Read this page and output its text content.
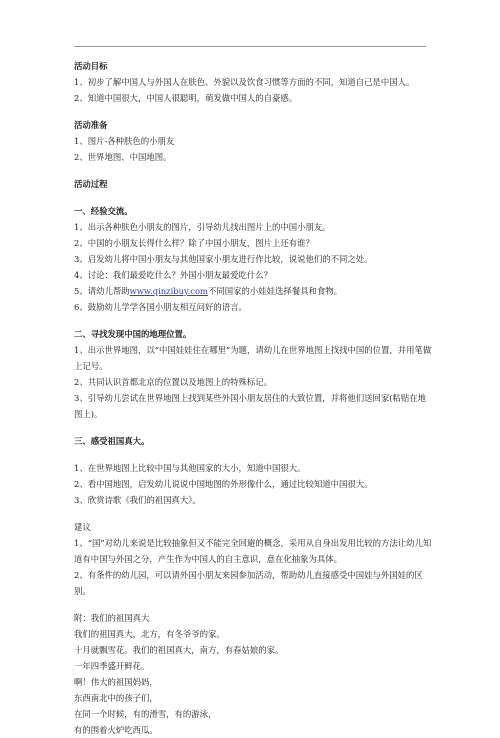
活动目标

1、初步了解中国人与外国人在肤色、外貌以及饮食习惯等方面的不同，知道自己是中国人。

2、知道中国很大，中国人很聪明，萌发做中国人的自豪感。

活动准备

1、图片-各种肤色的小朋友

2、世界地图、中国地图。

活动过程

一、经验交流。

1、出示各种肤色小朋友的图片，引导幼儿找出图片上的中国小朋友。

2、中国的小朋友长得什么样？除了中国小朋友，图片上还有谁？

3、启发幼儿将中国小朋友与其他国家小朋友进行作比较，说说他们的不同之处。

4、讨论：我们最爱吃什么？外国小朋友最爱吃什么？

5、请幼儿帮助www.qinzibuy.com不同国家的小娃娃选择餐具和食物。

6、鼓励幼儿学学各国小朋友相互问好的语言。

二、寻找发现中国的地理位置。

1、出示世界地图，以“中国娃娃住在哪里”为题，请幼儿在世界地图上找找中国的位置，并用笔做上记号。

2、共同认识首都北京的位置以及地图上的特殊标记。

3、引导幼儿尝试在世界地图上找到某些外国小朋友居住的大致位置，并将他们送回家(粘贴在地图上)。

三、感受祖国真大。

1、在世界地图上比较中国与其他国家的大小，知道中国很大。

2、看中国地图，启发幼儿说说中国地图的外形像什么，通过比较知道中国很大。

3、欣赏诗歌《我们的祖国真大》。

建议

1、“国”对幼儿来说是比较抽象但又不能完全回避的概念，采用从自身出发用比较的方法让幼儿知道有中国与外国之分，产生作为中国人的自主意识，意在化抽象为具体。

2、有条件的幼儿园，可以请外国小朋友来园参加活动，帮助幼儿直接感受中国娃与外国娃的区别。

附：我们的祖国真大

我们的祖国真大，北方，有冬爷爷的家。

十月就飘雪花。我们的祖国真大，南方，有春姑娘的家。

一年四季盛开鲜花。

啊！伟大的祖国妈妈，

东西南北中的孩子们，

在同一个时候，有的滑雪，有的游泳，

有的围着火炉吃西瓜。
